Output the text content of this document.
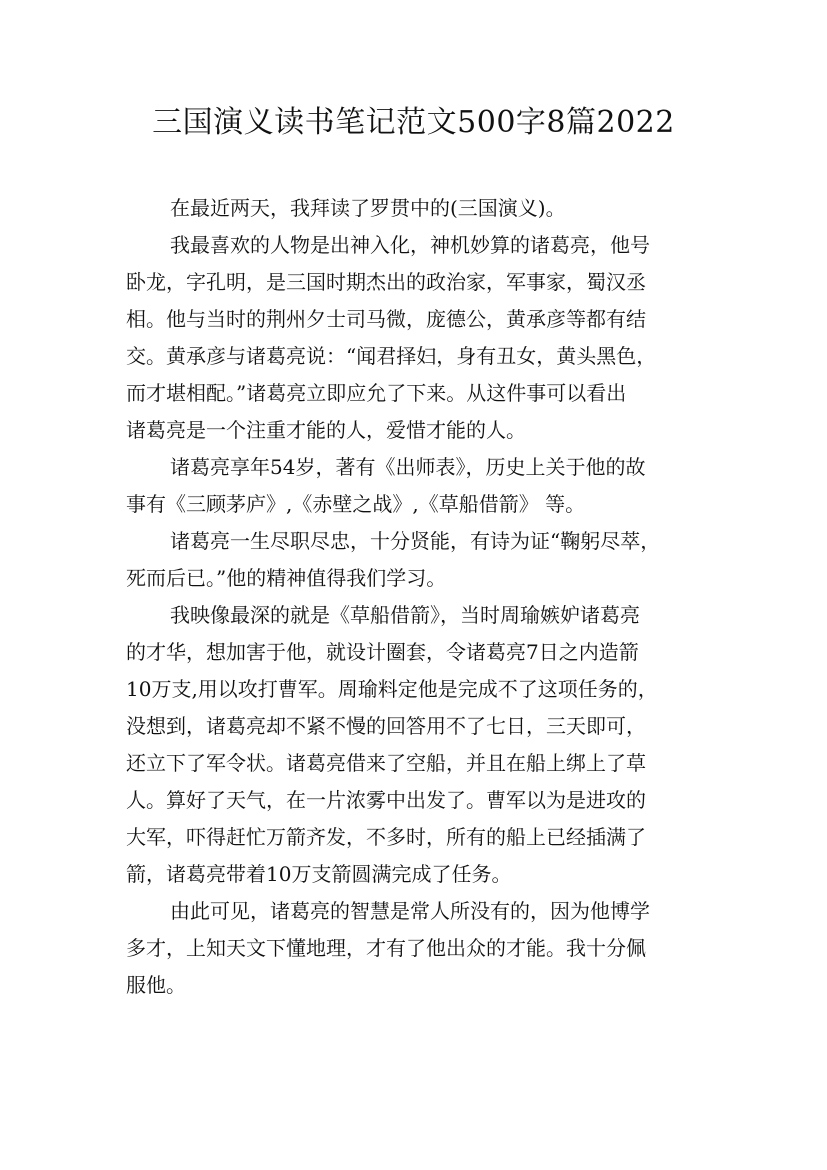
三国演义读书笔记范文500字8篇2022
在最近两天，我拜读了罗贯中的(三国演义)。
我最喜欢的人物是出神入化，神机妙算的诸葛亮，他号
卧龙，字孔明，是三国时期杰出的政治家，军事家，蜀汉丞
相。他与当时的荆州夕士司马微，庞德公，黄承彦等都有结
交。黄承彦与诸葛亮说：“闻君择妇，身有丑女，黄头黑色，
而才堪相配。”诸葛亮立即应允了下来。从这件事可以看出
诸葛亮是一个注重才能的人，爱惜才能的人。
诸葛亮享年54岁，著有《出师表》，历史上关于他的故
事有《三顾茅庐》,《赤壁之战》,《草船借箭》 等。
诸葛亮一生尽职尽忠，十分贤能，有诗为证“鞠躬尽萃，
死而后已。”他的精神值得我们学习。
我映像最深的就是《草船借箭》，当时周瑜嫉妒诸葛亮
的才华，想加害于他，就设计圈套，令诸葛亮7日之内造箭
10万支,用以攻打曹军。周瑜料定他是完成不了这项任务的，
没想到，诸葛亮却不紧不慢的回答用不了七日，三天即可，
还立下了军令状。诸葛亮借来了空船，并且在船上绑上了草
人。算好了天气，在一片浓雾中出发了。曹军以为是进攻的
大军，吓得赶忙万箭齐发，不多时，所有的船上已经插满了
箭，诸葛亮带着10万支箭圆满完成了任务。
由此可见，诸葛亮的智慧是常人所没有的，因为他博学
多才，上知天文下懂地理，才有了他出众的才能。我十分佩
服他。
